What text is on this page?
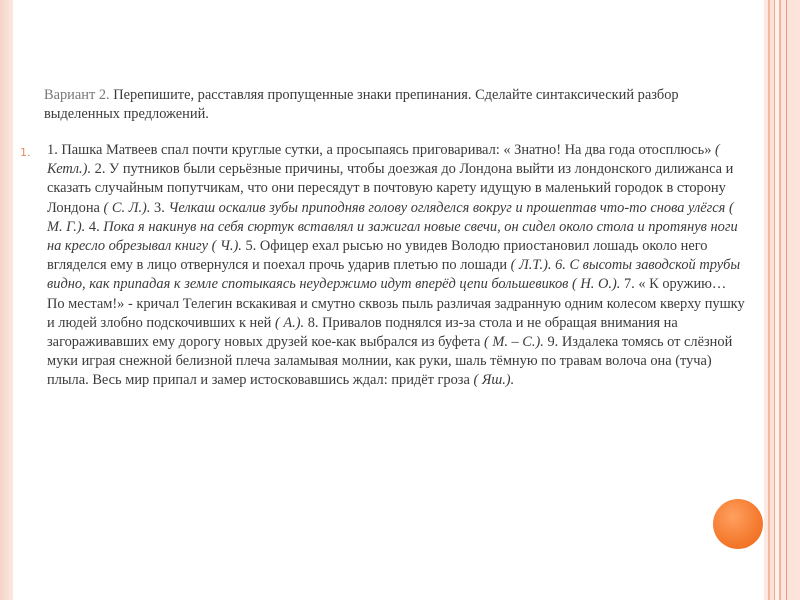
Вариант 2. Перепишите, расставляя пропущенные знаки препинания. Сделайте синтаксический разбор выделенных предложений.
1. 1. Пашка Матвеев спал почти круглые сутки, а просыпаясь приговаривал: « Знатно! На два года отосплюсь» ( Кетл.). 2. У путников были серьёзные причины, чтобы доезжая до Лондона выйти из лондонского дилижанса и сказать случайным попутчикам, что они пересядут в почтовую карету идущую в маленький городок в сторону Лондона ( С. Л.). 3. Челкаш оскалив зубы приподняв голову огляделся вокруг и прошептав что-то снова улёгся ( М. Г.). 4. Пока я накинув на себя сюртук вставлял и зажигал новые свечи, он сидел около стола и протянув ноги на кресло обрезывал книгу ( Ч.). 5. Офицер ехал рысью но увидев Володю приостановил лошадь около него вгляделся ему в лицо отвернулся и поехал прочь ударив плетью по лошади ( Л.Т.). 6. С высоты заводской трубы видно, как припадая к земле спотыкаясь неудержимо идут вперёд цепи большевиков ( Н. О.). 7. « К оружию… По местам!» - кричал Телегин вскакивая и смутно сквозь пыль различая задранную одним колесом кверху пушку и людей злобно подскочивших к ней ( А.). 8. Привалов поднялся из-за стола и не обращая внимания на загораживавших ему дорогу новых друзей кое-как выбрался из буфета ( М. – С.). 9. Издалека томясь от слёзной муки играя снежной белизной плеча заламывая молнии, как руки, шаль тёмную по травам волоча она (туча) плыла. Весь мир припал и замер истосковавшись ждал: придёт гроза ( Яш.).
